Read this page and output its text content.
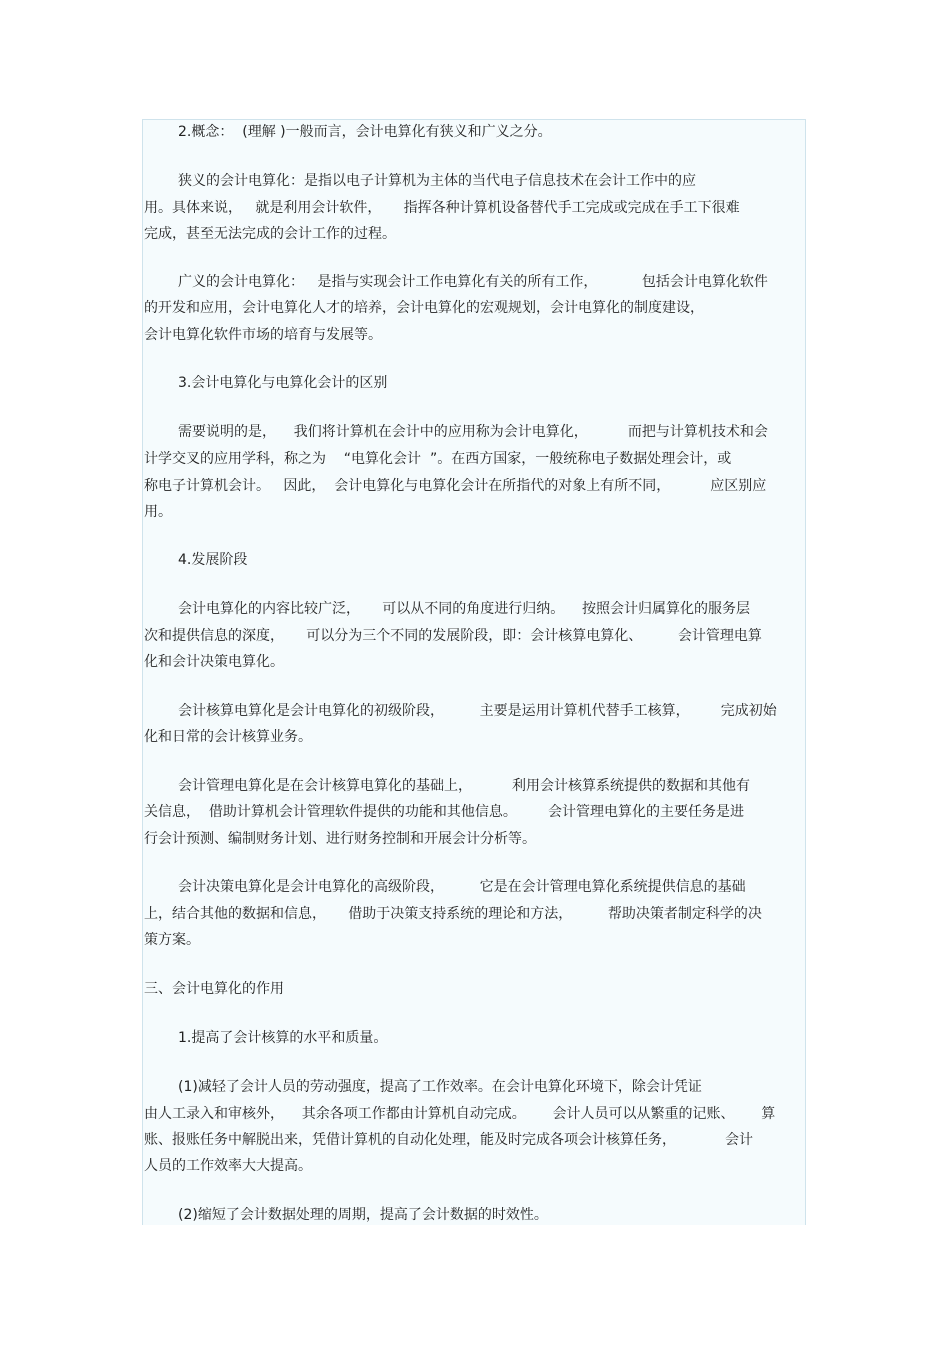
2.概念：  (理解 )一般而言，会计电算化有狭义和广义之分。
狭义的会计电算化：是指以电子计算机为主体的当代电子信息技术在会计工作中的应
用。具体来说，   就是利用会计软件，     指挥各种计算机设备替代手工完成或完成在手工下很难
完成，甚至无法完成的会计工作的过程。
广义的会计电算化：   是指与实现会计工作电算化有关的所有工作，          包括会计电算化软件
的开发和应用，会计电算化人才的培养，会计电算化的宏观规划，会计电算化的制度建设，
会计电算化软件市场的培育与发展等。
3.会计电算化与电算化会计的区别
需要说明的是，    我们将计算机在会计中的应用称为会计电算化，         而把与计算机技术和会
计学交叉的应用学科，称之为    “电算化会计  ”。在西方国家，一般统称电子数据处理会计，或
称电子计算机会计。   因此，  会计电算化与电算化会计在所指代的对象上有所不同，         应区别应
用。
4.发展阶段
会计电算化的内容比较广泛，     可以从不同的角度进行归纳。    按照会计归属算化的服务层
次和提供信息的深度，     可以分为三个不同的发展阶段，即：会计核算电算化、        会计管理电算
化和会计决策电算化。
会计核算电算化是会计电算化的初级阶段，        主要是运用计算机代替手工核算，       完成初始
化和日常的会计核算业务。
会计管理电算化是在会计核算电算化的基础上，         利用会计核算系统提供的数据和其他有
关信息，  借助计算机会计管理软件提供的功能和其他信息。       会计管理电算化的主要任务是进
行会计预测、编制财务计划、进行财务控制和开展会计分析等。
会计决策电算化是会计电算化的高级阶段，        它是在会计管理电算化系统提供信息的基础
上，结合其他的数据和信息，     借助于决策支持系统的理论和方法，        帮助决策者制定科学的决
策方案。
三、会计电算化的作用
1.提高了会计核算的水平和质量。
(1)减轻了会计人员的劳动强度，提高了工作效率。在会计电算化环境下，除会计凭证
由人工录入和审核外，    其余各项工作都由计算机自动完成。      会计人员可以从繁重的记账、      算
账、报账任务中解脱出来，凭借计算机的自动化处理，能及时完成各项会计核算任务，           会计
人员的工作效率大大提高。
(2)缩短了会计数据处理的周期，提高了会计数据的时效性。
